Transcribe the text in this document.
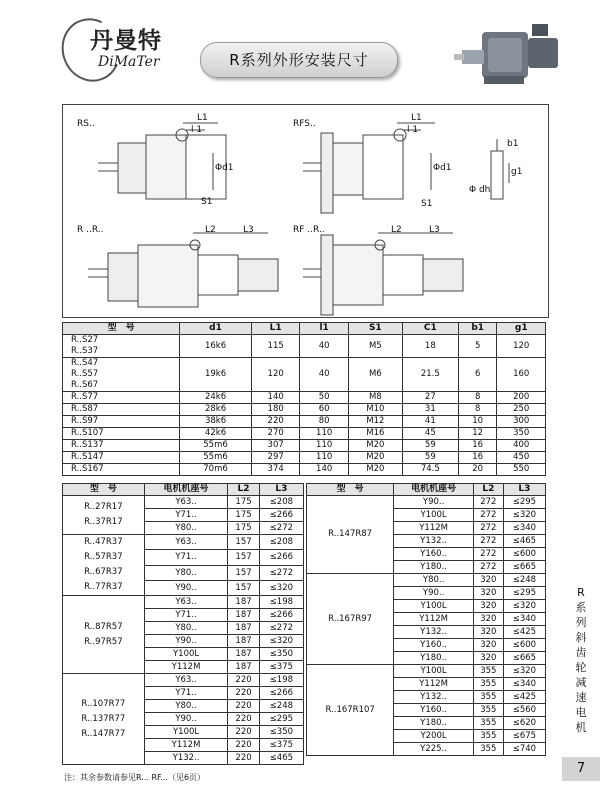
丹曼特
DiMaTer	R系列外形安装尺寸
RS..	RFS..
R ..R..	RF ..R..
L1
l 1
Φd1
S1
L1
l 1
Φd1
S1
b1
g1
Φ dh
L2	L3	L2	L3
型　号	d1	L1	l1	S1	C1	b1	g1

R..S27
R..S37	16k6	115	40	M5	18	5	120

R..S47
R..S57
R..S67	19k6	120	40	M6	21.5	6	160

R..S77	24k6	140	50	M8	27	8	200

R..S87	28k6	180	60	M10	31	8	250

R..S97	38k6	220	80	M12	41	10	300

R..S107	42k6	270	110	M16	45	12	350

R..S137	55m6	307	110	M20	59	16	400

R..S147	55m6	297	110	M20	59	16	450

R..S167	70m6	374	140	M20	74.5	20	550
型　号	电机机座号	L2	L3

R..27R17
R..37R17	Y63..	175	≤208
	Y71..	175	≤266
	Y80..	175	≤272

R..47R37
R..57R37
R..67R37
R..77R37	Y63..	157	≤208
	Y71..	157	≤266
	Y80..	157	≤272
	Y90..	157	≤320

R..87R57
R..97R57	Y63..	187	≤198
	Y71..	187	≤266
	Y80..	187	≤272
	Y90..	187	≤320
	Y100L	187	≤350
	Y112M	187	≤375

R..107R77
R..137R77
R..147R77	Y63..	220	≤198
	Y71..	220	≤266
	Y80..	220	≤248
	Y90..	220	≤295
	Y100L	220	≤350
	Y112M	220	≤375
	Y132..	220	≤465
型　号	电机机座号	L2	L3

R..147R87	Y90..	272	≤295
	Y100L	272	≤320
	Y112M	272	≤340
	Y132..	272	≤465
	Y160..	272	≤600
	Y180..	272	≤665

R..167R97	Y80..	320	≤248
	Y90..	320	≤295
	Y100L	320	≤320
	Y112M	320	≤340
	Y132..	320	≤425
	Y160..	320	≤600
	Y180..	320	≤665

R..167R107	Y100L	355	≤320
	Y112M	355	≤340
	Y132..	355	≤425
	Y160..	355	≤560
	Y180..	355	≤620
	Y200L	355	≤675
	Y225..	355	≤740
注：其余参数请参见R... RF...（见6页）
R系列斜齿轮减速电机
7
